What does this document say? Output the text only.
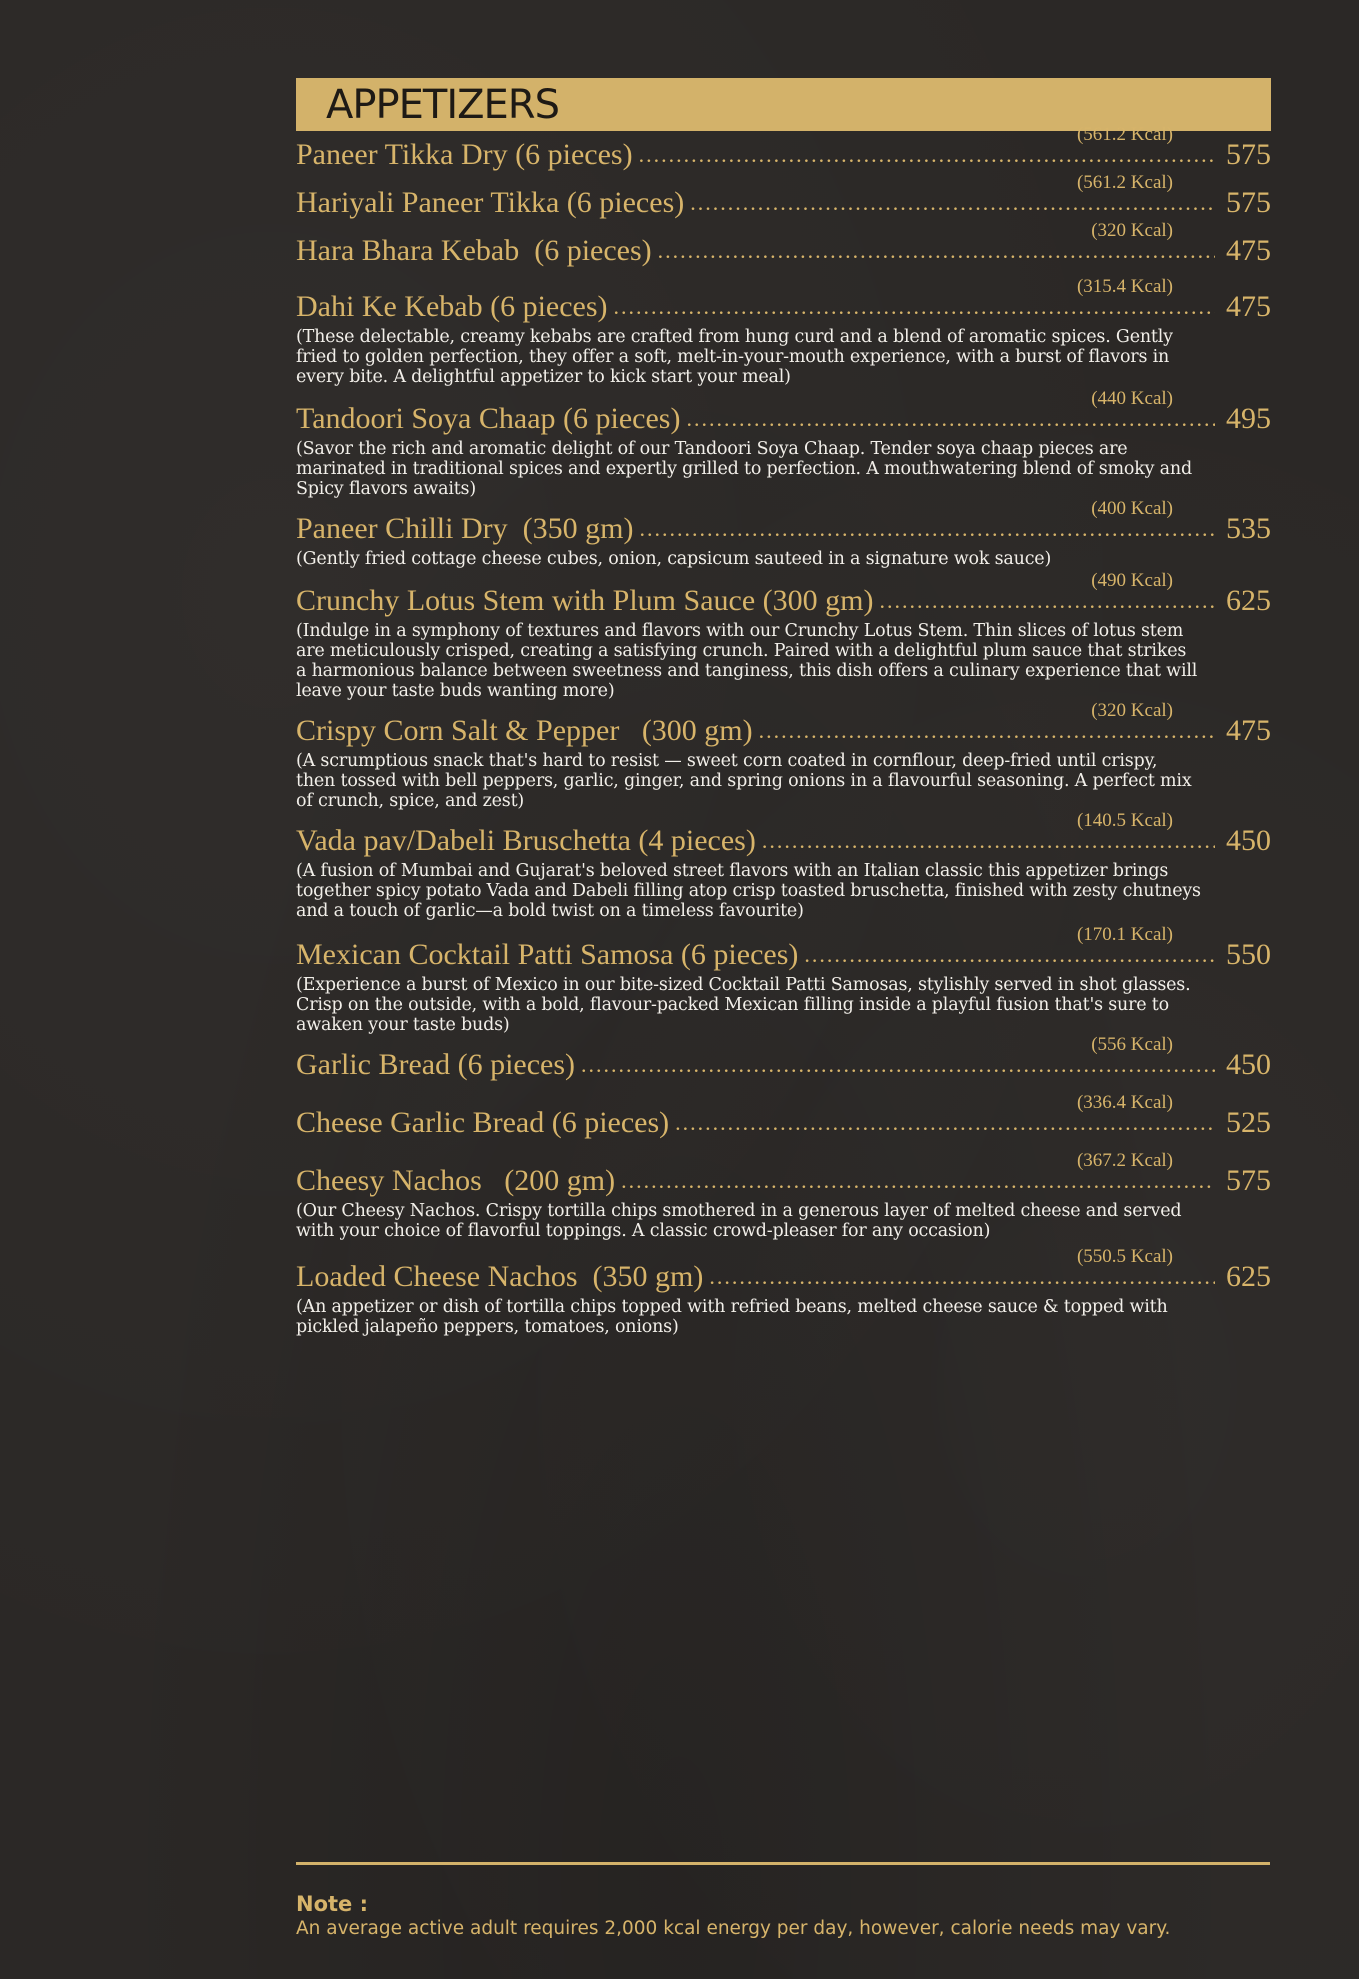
APPETIZERS
Paneer Tikka Dry (6 pieces) .....	575
(561.2 Kcal)
Hariyali Paneer Tikka (6 pieces) .....	575
(561.2 Kcal)
Hara Bhara Kebab  (6 pieces) .....	475
(320 Kcal)
Dahi Ke Kebab (6 pieces) .....	475
(315.4 Kcal)
(These delectable, creamy kebabs are crafted from hung curd and a blend of aromatic spices. Gently fried to golden perfection, they offer a soft, melt-in-your-mouth experience, with a burst of flavors in every bite. A delightful appetizer to kick start your meal)
Tandoori Soya Chaap (6 pieces) .....	495
(440 Kcal)
(Savor the rich and aromatic delight of our Tandoori Soya Chaap. Tender soya chaap pieces are marinated in traditional spices and expertly grilled to perfection. A mouthwatering blend of smoky and Spicy flavors awaits)
Paneer Chilli Dry  (350 gm) .....	535
(400 Kcal)
(Gently fried cottage cheese cubes, onion, capsicum sauteed in a signature wok sauce)
Crunchy Lotus Stem with Plum Sauce (300 gm) .....	625
(490 Kcal)
(Indulge in a symphony of textures and flavors with our Crunchy Lotus Stem. Thin slices of lotus stem are meticulously crisped, creating a satisfying crunch. Paired with a delightful plum sauce that strikes a harmonious balance between sweetness and tanginess, this dish offers a culinary experience that will leave your taste buds wanting more)
Crispy Corn Salt & Pepper   (300 gm) .....	475
(320 Kcal)
(A scrumptious snack that's hard to resist — sweet corn coated in cornflour, deep-fried until crispy, then tossed with bell peppers, garlic, ginger, and spring onions in a flavourful seasoning. A perfect mix of crunch, spice, and zest)
Vada pav/Dabeli Bruschetta (4 pieces) .....	450
(140.5 Kcal)
(A fusion of Mumbai and Gujarat's beloved street flavors with an Italian classic this appetizer brings together spicy potato Vada and Dabeli filling atop crisp toasted bruschetta, finished with zesty chutneys and a touch of garlic—a bold twist on a timeless favourite)
Mexican Cocktail Patti Samosa (6 pieces) .....	550
(170.1 Kcal)
(Experience a burst of Mexico in our bite-sized Cocktail Patti Samosas, stylishly served in shot glasses. Crisp on the outside, with a bold, flavour-packed Mexican filling inside a playful fusion that's sure to awaken your taste buds)
Garlic Bread (6 pieces) .....	450
(556 Kcal)
Cheese Garlic Bread (6 pieces) .....	525
(336.4 Kcal)
Cheesy Nachos   (200 gm) .....	575
(367.2 Kcal)
(Our Cheesy Nachos. Crispy tortilla chips smothered in a generous layer of melted cheese and served with your choice of flavorful toppings. A classic crowd-pleaser for any occasion)
Loaded Cheese Nachos  (350 gm) .....	625
(550.5 Kcal)
(An appetizer or dish of tortilla chips topped with refried beans, melted cheese sauce & topped with pickled jalapeño peppers, tomatoes, onions)
Note :
An average active adult requires 2,000 kcal energy per day, however, calorie needs may vary.
